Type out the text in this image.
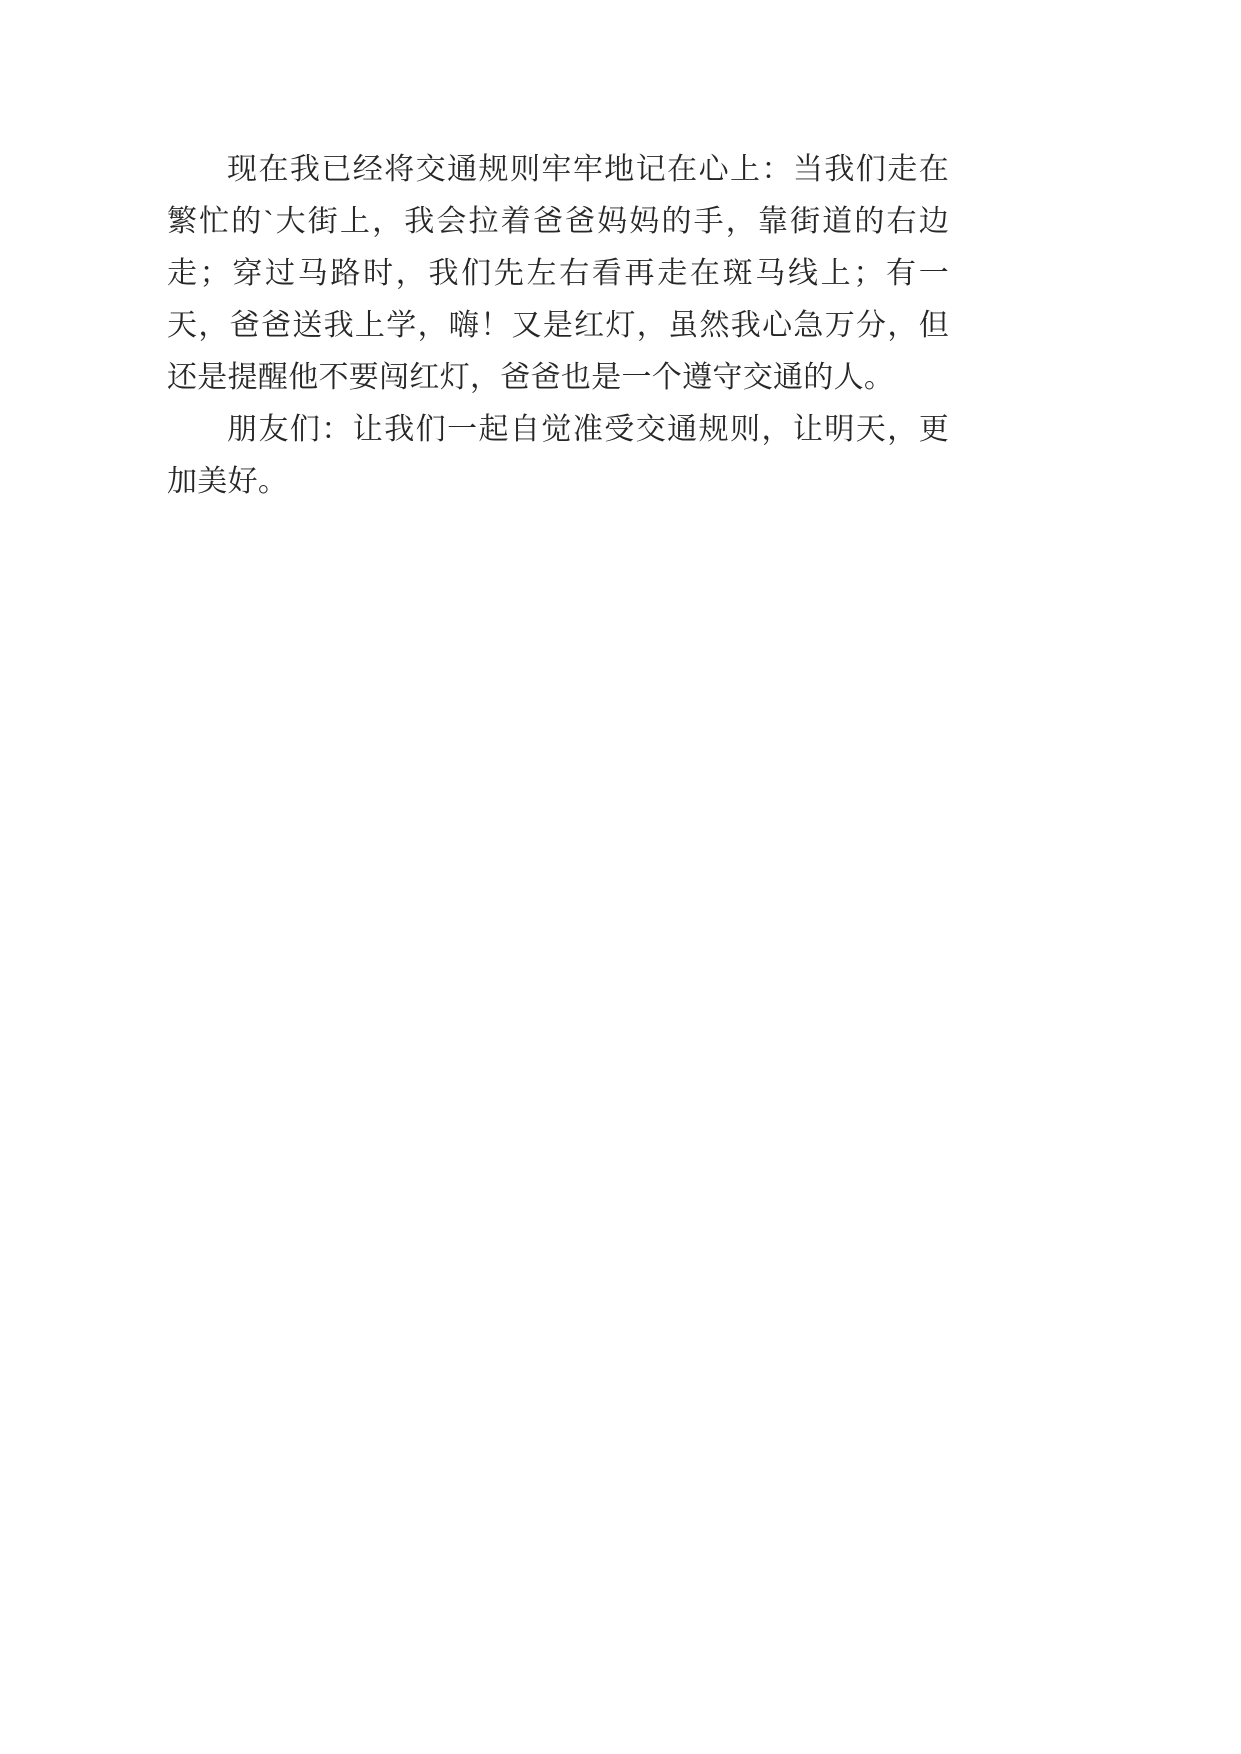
现在我已经将交通规则牢牢地记在心上：当我们走在繁忙的`大街上，我会拉着爸爸妈妈的手，靠街道的右边走；穿过马路时，我们先左右看再走在斑马线上；有一天，爸爸送我上学，嗨！又是红灯，虽然我心急万分，但还是提醒他不要闯红灯，爸爸也是一个遵守交通的人。

朋友们：让我们一起自觉准受交通规则，让明天，更加美好。
